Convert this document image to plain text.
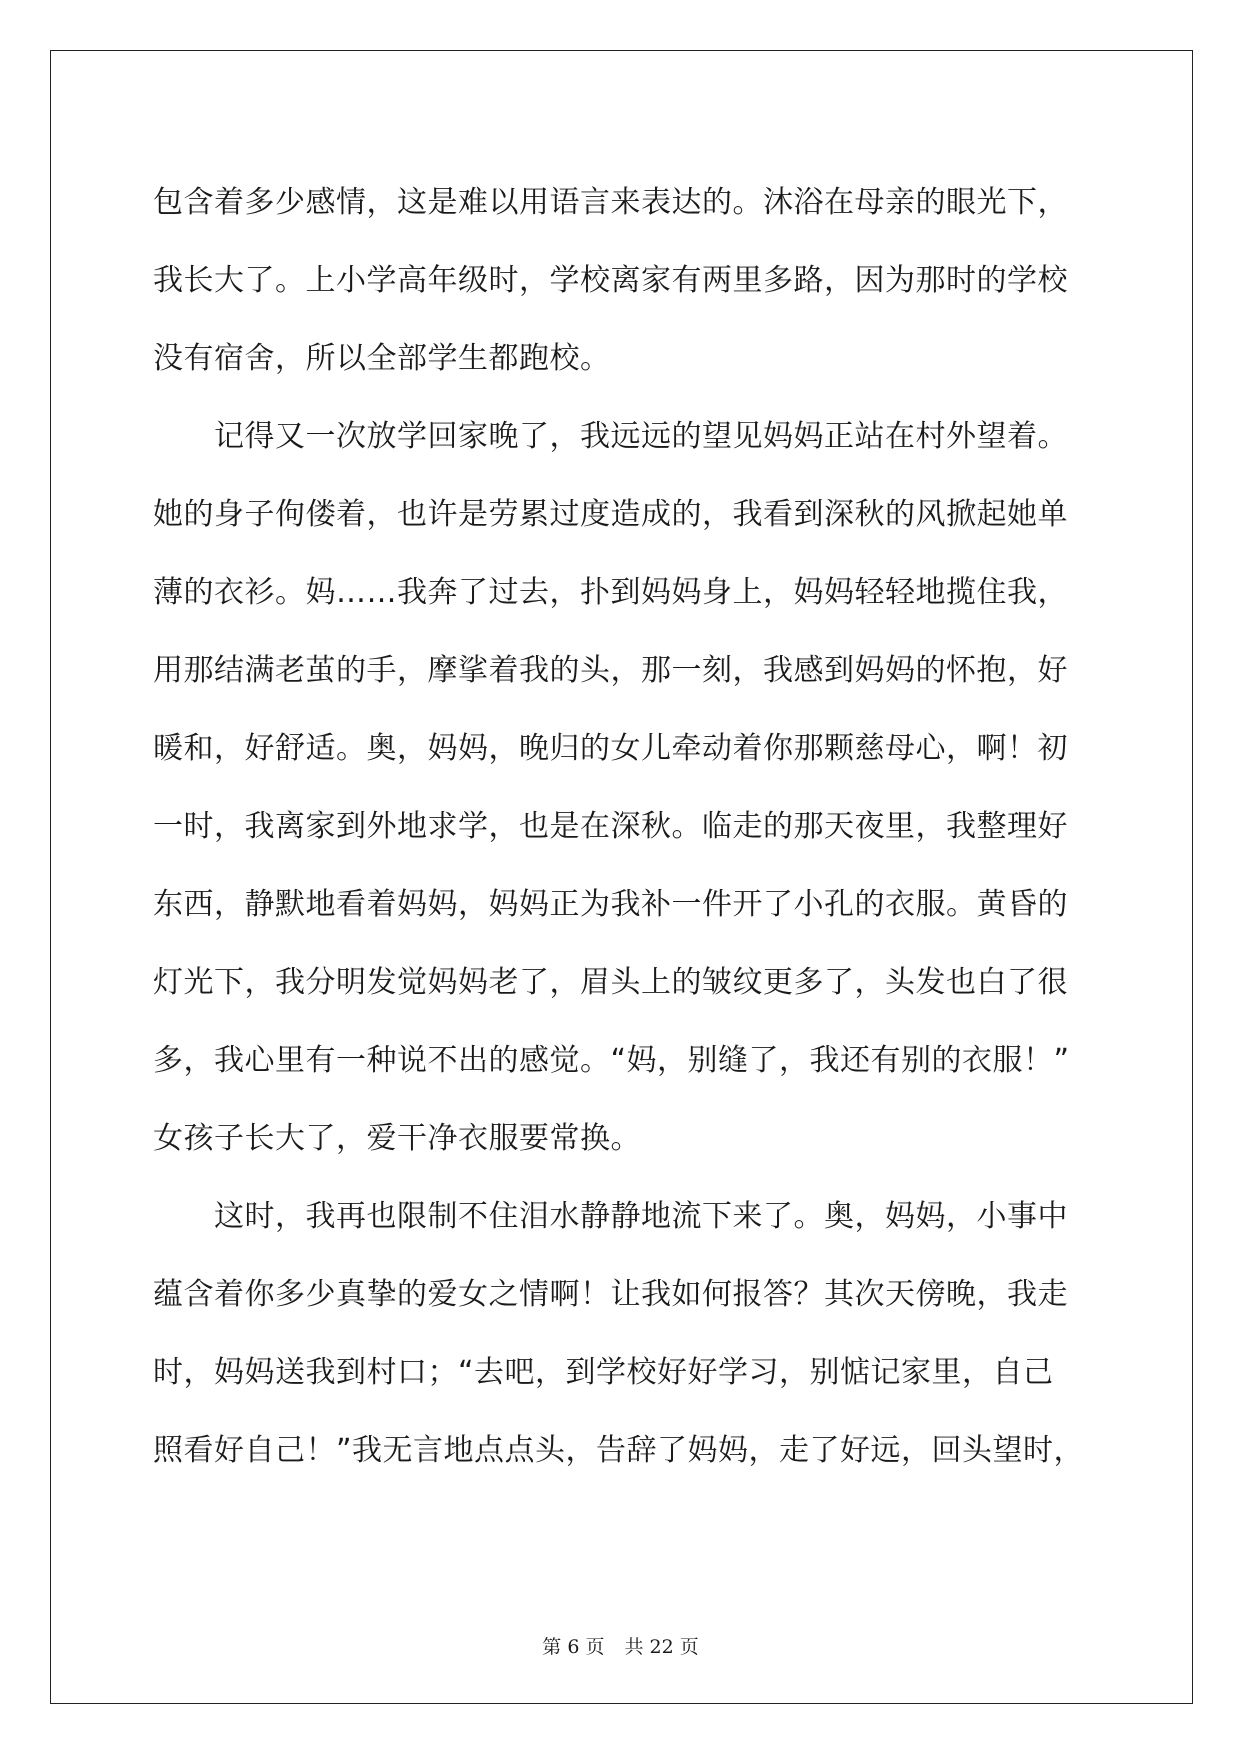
包含着多少感情，这是难以用语言来表达的。沐浴在母亲的眼光下，
我长大了。上小学高年级时，学校离家有两里多路，因为那时的学校
没有宿舍，所以全部学生都跑校。
　　记得又一次放学回家晚了，我远远的望见妈妈正站在村外望着。
她的身子佝偻着，也许是劳累过度造成的，我看到深秋的风掀起她单
薄的衣衫。妈……我奔了过去，扑到妈妈身上，妈妈轻轻地揽住我，
用那结满老茧的手，摩挲着我的头，那一刻，我感到妈妈的怀抱，好
暖和，好舒适。奥，妈妈，晚归的女儿牵动着你那颗慈母心，啊！初
一时，我离家到外地求学，也是在深秋。临走的那天夜里，我整理好
东西，静默地看着妈妈，妈妈正为我补一件开了小孔的衣服。黄昏的
灯光下，我分明发觉妈妈老了，眉头上的皱纹更多了，头发也白了很
多，我心里有一种说不出的感觉。“妈，别缝了，我还有别的衣服！”
女孩子长大了，爱干净衣服要常换。
　　这时，我再也限制不住泪水静静地流下来了。奥，妈妈，小事中
蕴含着你多少真挚的爱女之情啊！让我如何报答？其次天傍晚，我走
时，妈妈送我到村口；“去吧，到学校好好学习，别惦记家里，自己
照看好自己！”我无言地点点头，告辞了妈妈，走了好远，回头望时，
第 6 页 共 22 页
